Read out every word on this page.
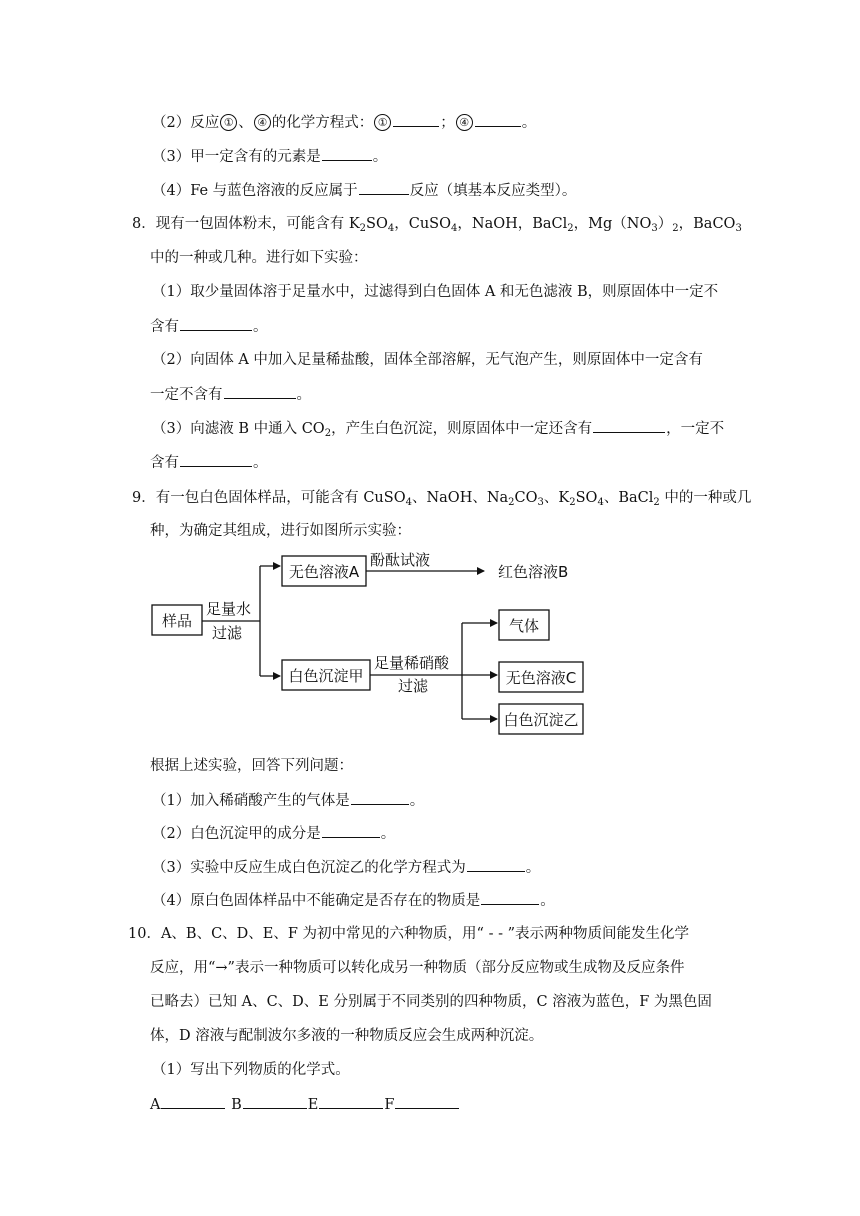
（2）反应 ① 、 ④ 的化学方程式： ①	； ④	。
（3）甲一定含有的元素是	。
（4）Fe 与蓝色溶液的反应属于	反应（填基本反应类型）。
8．现有一包固体粉末，可能含有 $K_2SO_4$，CuSO$_4$，NaOH，BaCl$_2$，$Mg(NO_3)_2$，BaCO$_3$
中的一种或几种。进行如下实验：
（1）取少量固体溶于足量水中，过滤得到白色固体 A 和无色滤液 B，则原固体中一定不
含有	。
（2）向固体 A 中加入足量稀盐酸，固体全部溶解，无气泡产生，则原固体中一定含有
一定不含有	。
（3）向滤液 B 中通入 $CO_2$，产生白色沉淀，则原固体中一定还含有	，一定不
含有	。
9．有一包白色固体样品，可能含有 CuSO$_4$、NaOH、$Na_2CO_3$、$K_2SO_4$、BaCl$_2$ 中的一种或几
种，为确定其组成，进行如图所示实验：
样品
足量水
过滤
无色溶液A
酚酞试液
红色溶液B
白色沉淀甲
足量稀硝酸
过滤
气体
无色溶液C
白色沉淀乙
根据上述实验，回答下列问题：
（1）加入稀硝酸产生的气体是	。
（2）白色沉淀甲的成分是	。
（3）实验中反应生成白色沉淀乙的化学方程式为	。
（4）原白色固体样品中不能确定是否存在的物质是	。
10．A、B、C、D、E、F 为初中常见的六种物质，用“ - - ”表示两种物质间能发生化学
反应，用“→”表示一种物质可以转化成另一种物质（部分反应物或生成物及反应条件
已略去）已知 A、C、D、E 分别属于不同类别的四种物质，C 溶液为蓝色，F 为黑色固
体，D 溶液与配制波尔多液的一种物质反应会生成两种沉淀。
（1）写出下列物质的化学式。
A	B	E	F
